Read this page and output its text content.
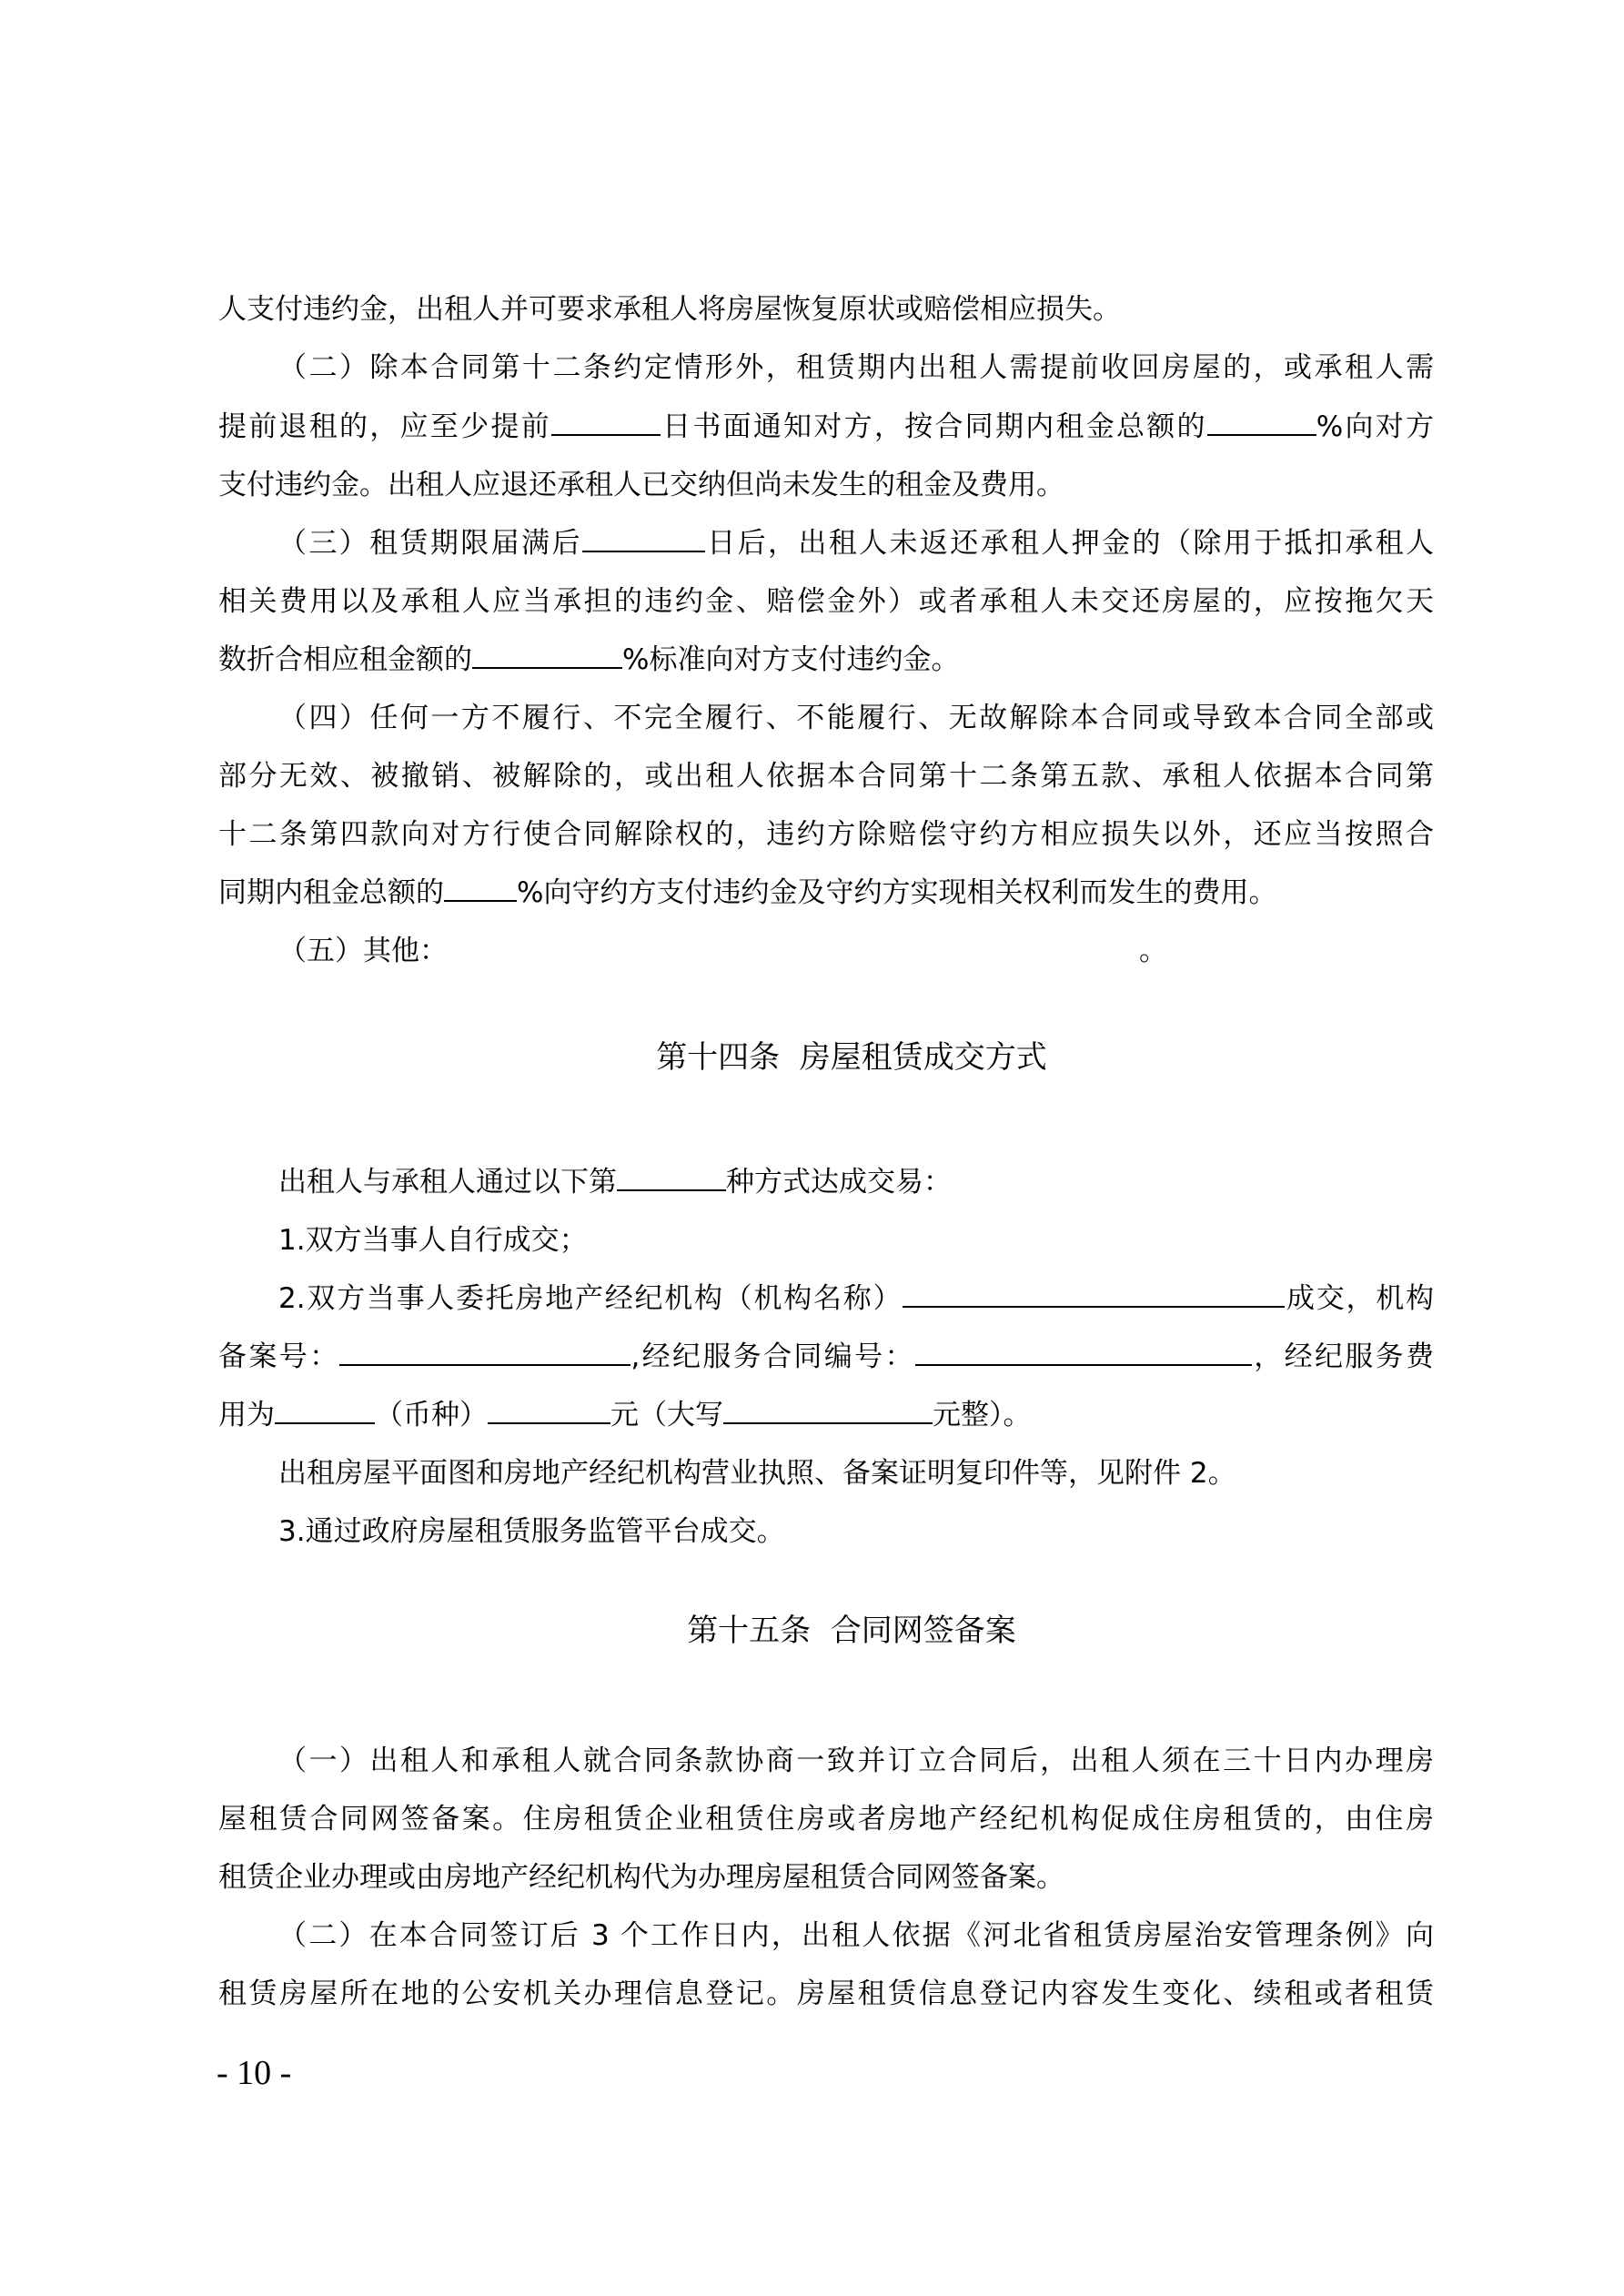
人支付违约金，出租人并可要求承租人将房屋恢复原状或赔偿相应损失。
（二）除本合同第十二条约定情形外，租赁期内出租人需提前收回房屋的，或承租人需
提前退租的，应至少提前	日书面通知对方，按合同期内租金总额的	%向对方
支付违约金。出租人应退还承租人已交纳但尚未发生的租金及费用。
（三）租赁期限届满后	日后，出租人未返还承租人押金的（除用于抵扣承租人
相关费用以及承租人应当承担的违约金、赔偿金外）或者承租人未交还房屋的，应按拖欠天
数折合相应租金额的	%标准向对方支付违约金。
（四）任何一方不履行、不完全履行、不能履行、无故解除本合同或导致本合同全部或
部分无效、被撤销、被解除的，或出租人依据本合同第十二条第五款、承租人依据本合同第
十二条第四款向对方行使合同解除权的，违约方除赔偿守约方相应损失以外，还应当按照合
同期内租金总额的	%向守约方支付违约金及守约方实现相关权利而发生的费用。
（五）其他：	。
第十四条  房屋租赁成交方式
出租人与承租人通过以下第	种方式达成交易：
1.双方当事人自行成交；
2.双方当事人委托房地产经纪机构（机构名称）	成交，机构
备案号：	,经纪服务合同编号：	，经纪服务费
用为	（币种）	元（大写	元整）。
出租房屋平面图和房地产经纪机构营业执照、备案证明复印件等，见附件 2。
3.通过政府房屋租赁服务监管平台成交。
第十五条  合同网签备案
（一）出租人和承租人就合同条款协商一致并订立合同后，出租人须在三十日内办理房
屋租赁合同网签备案。住房租赁企业租赁住房或者房地产经纪机构促成住房租赁的，由住房
租赁企业办理或由房地产经纪机构代为办理房屋租赁合同网签备案。
（二）在本合同签订后 3 个工作日内，出租人依据《河北省租赁房屋治安管理条例》向
租赁房屋所在地的公安机关办理信息登记。房屋租赁信息登记内容发生变化、续租或者租赁
- 10 -
